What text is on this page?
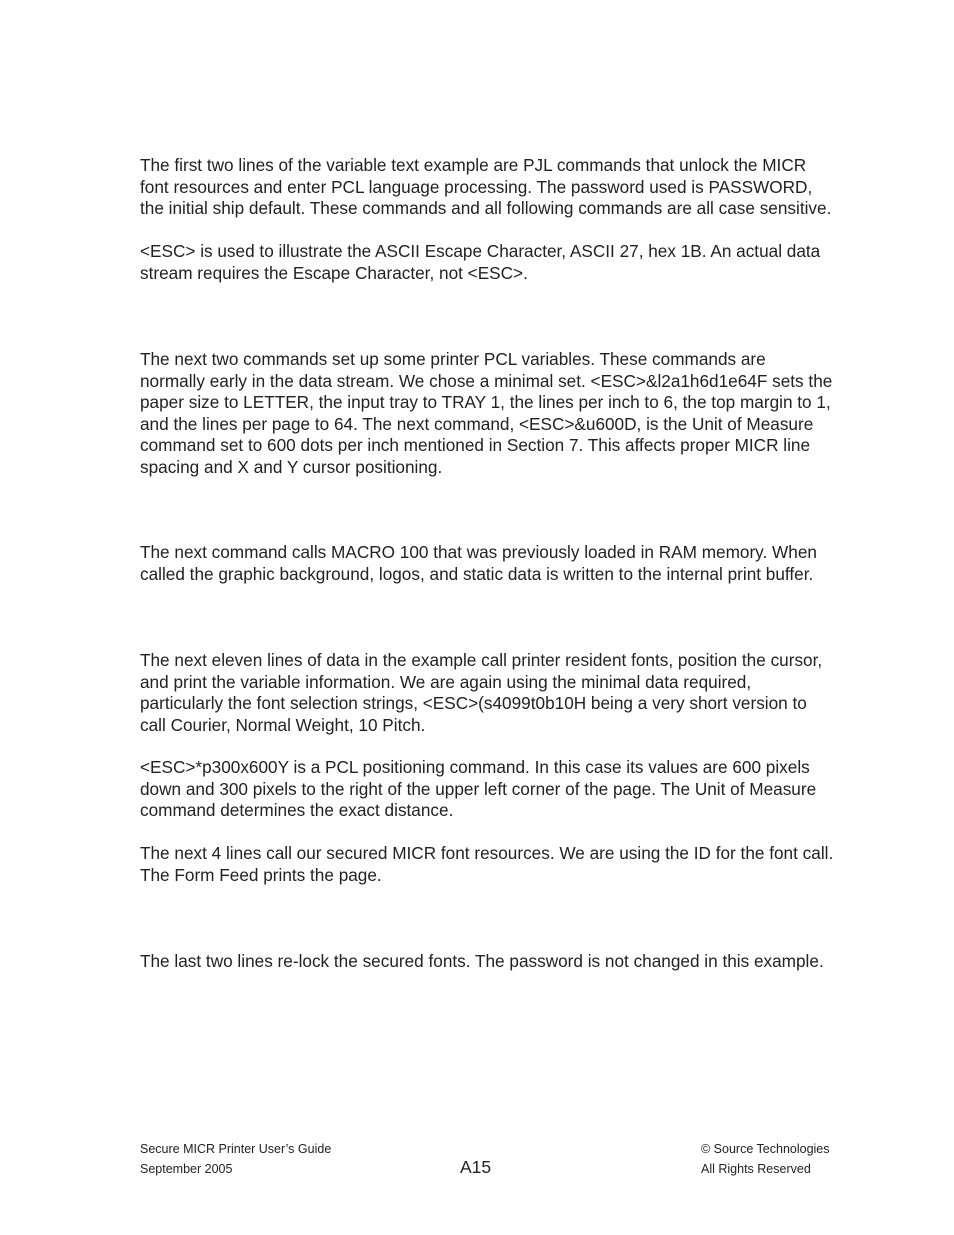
The first two lines of the variable text example are PJL commands that unlock the MICR
font resources and enter PCL language processing. The password used is PASSWORD,
the initial ship default. These commands and all following commands are all case sensitive.

<ESC> is used to illustrate the ASCII Escape Character, ASCII 27, hex 1B. An actual data
stream requires the Escape Character, not <ESC>.

The next two commands set up some printer PCL variables. These commands are
normally early in the data stream. We chose a minimal set. <ESC>&l2a1h6d1e64F sets the
paper size to LETTER, the input tray to TRAY 1, the lines per inch to 6, the top margin to 1,
and the lines per page to 64. The next command, <ESC>&u600D, is the Unit of Measure
command set to 600 dots per inch mentioned in Section 7. This affects proper MICR line
spacing and X and Y cursor positioning.

The next command calls MACRO 100 that was previously loaded in RAM memory. When
called the graphic background, logos, and static data is written to the internal print buffer.

The next eleven lines of data in the example call printer resident fonts, position the cursor,
and print the variable information. We are again using the minimal data required,
particularly the font selection strings, <ESC>(s4099t0b10H being a very short version to
call Courier, Normal Weight, 10 Pitch.

<ESC>*p300x600Y is a PCL positioning command. In this case its values are 600 pixels
down and 300 pixels to the right of the upper left corner of the page. The Unit of Measure
command determines the exact distance.

The next 4 lines call our secured MICR font resources. We are using the ID for the font call.
The Form Feed prints the page.

The last two lines re-lock the secured fonts. The password is not changed in this example.

Secure MICR Printer User’s Guide
September 2005	A15
© Source Technologies
All Rights Reserved
